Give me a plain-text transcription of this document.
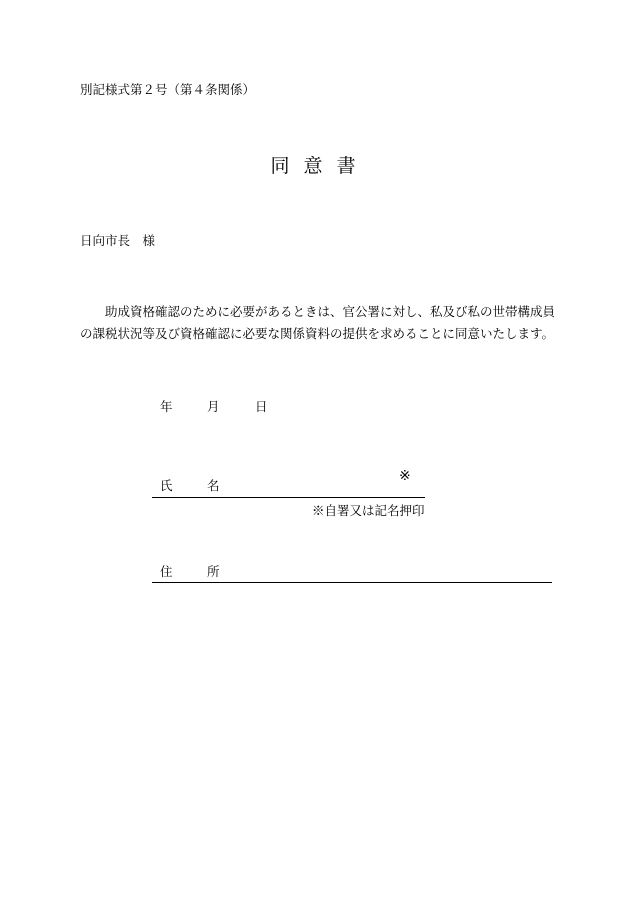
別記様式第２号（第４条関係）
同 意 書
日向市長　様
助成資格確認のために必要があるときは、官公署に対し、私及び私の世帯構成員の課税状況等及び資格確認に必要な関係資料の提供を求めることに同意いたします。
年	月	日
氏	名
※
※自署又は記名押印
住	所
